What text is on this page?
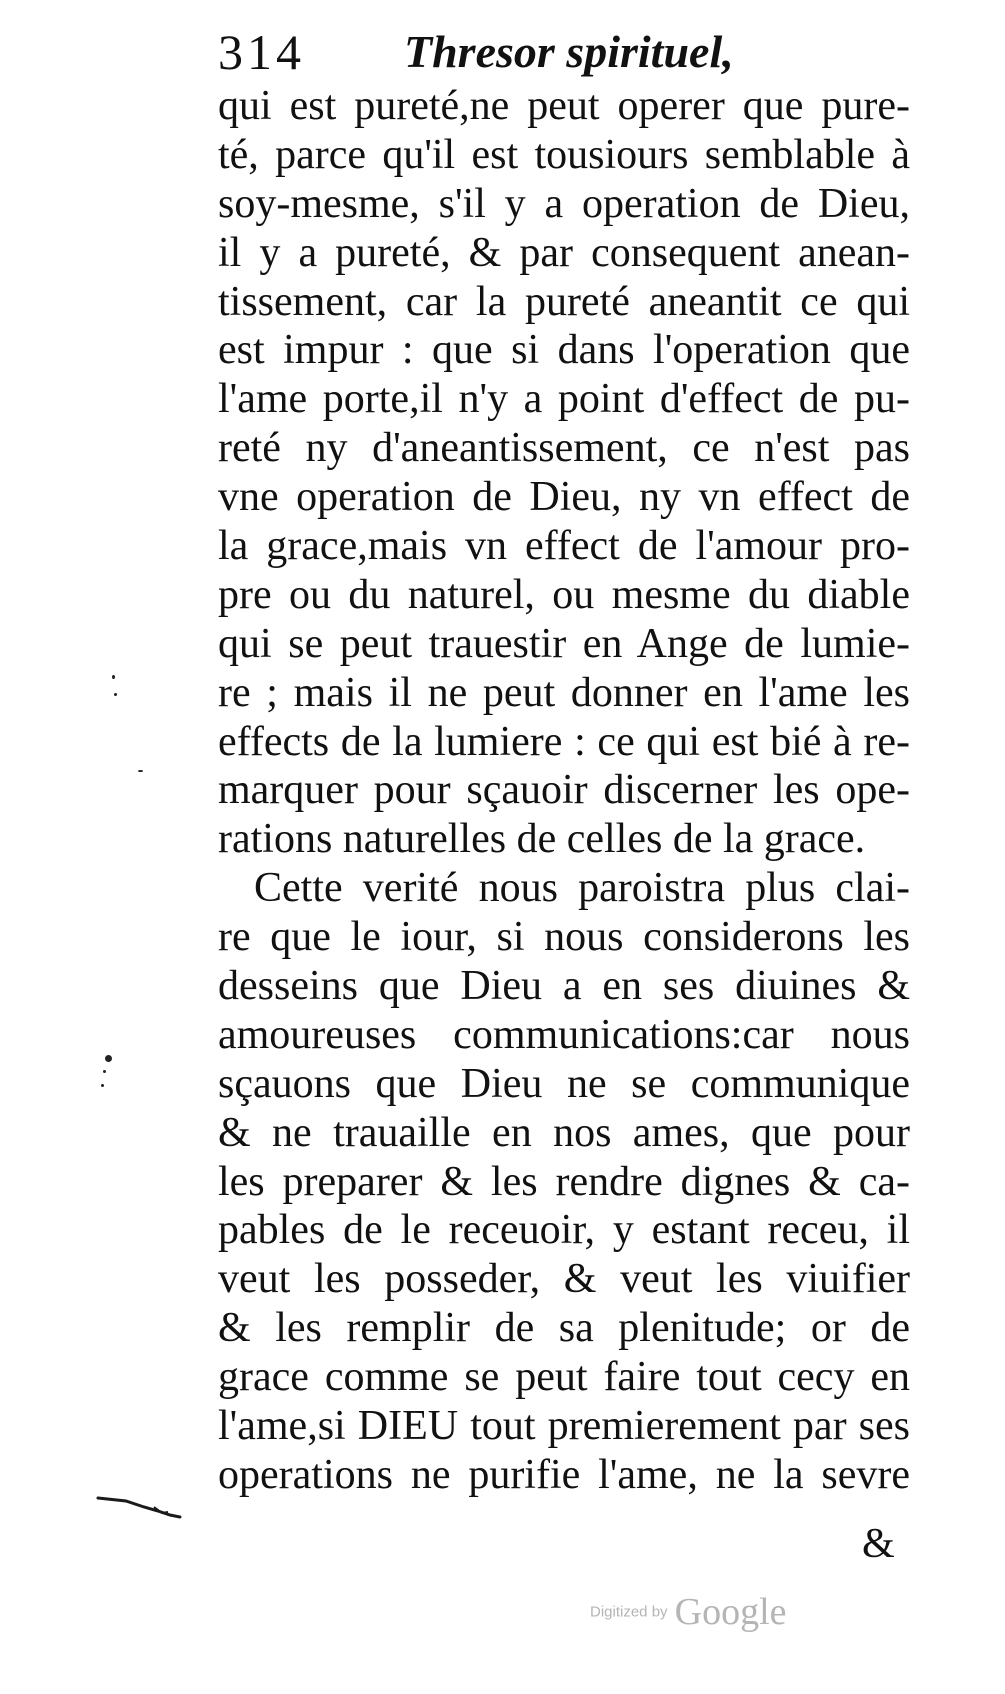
314 Thresor spirituel,
qui est pureté,ne peut operer que pure-
té, parce qu'il est tousiours semblable à
soy-mesme, s'il y a operation de Dieu,
il y a pureté, & par consequent anean-
tissement, car la pureté aneantit ce qui
est impur : que si dans l'operation que
l'ame porte,il n'y a point d'effect de pu-
reté ny d'aneantissement, ce n'est pas
vne operation de Dieu, ny vn effect de
la grace,mais vn effect de l'amour pro-
pre ou du naturel, ou mesme du diable
qui se peut trauestir en Ange de lumie-
re ; mais il ne peut donner en l'ame les
effects de la lumiere : ce qui est bié à re-
marquer pour sçauoir discerner les ope-
rations naturelles de celles de la grace.
Cette verité nous paroistra plus clai-
re que le iour, si nous considerons les
desseins que Dieu a en ses diuines &
amoureuses communications:car nous
sçauons que Dieu ne se communique
& ne trauaille en nos ames, que pour
les preparer & les rendre dignes & ca-
pables de le receuoir, y estant receu, il
veut les posseder, & veut les viuifier
& les remplir de sa plenitude; or de
grace comme se peut faire tout cecy en
l'ame,si DIEU tout premierement par ses
operations ne purifie l'ame, ne la sevre
&
Digitized by Google
